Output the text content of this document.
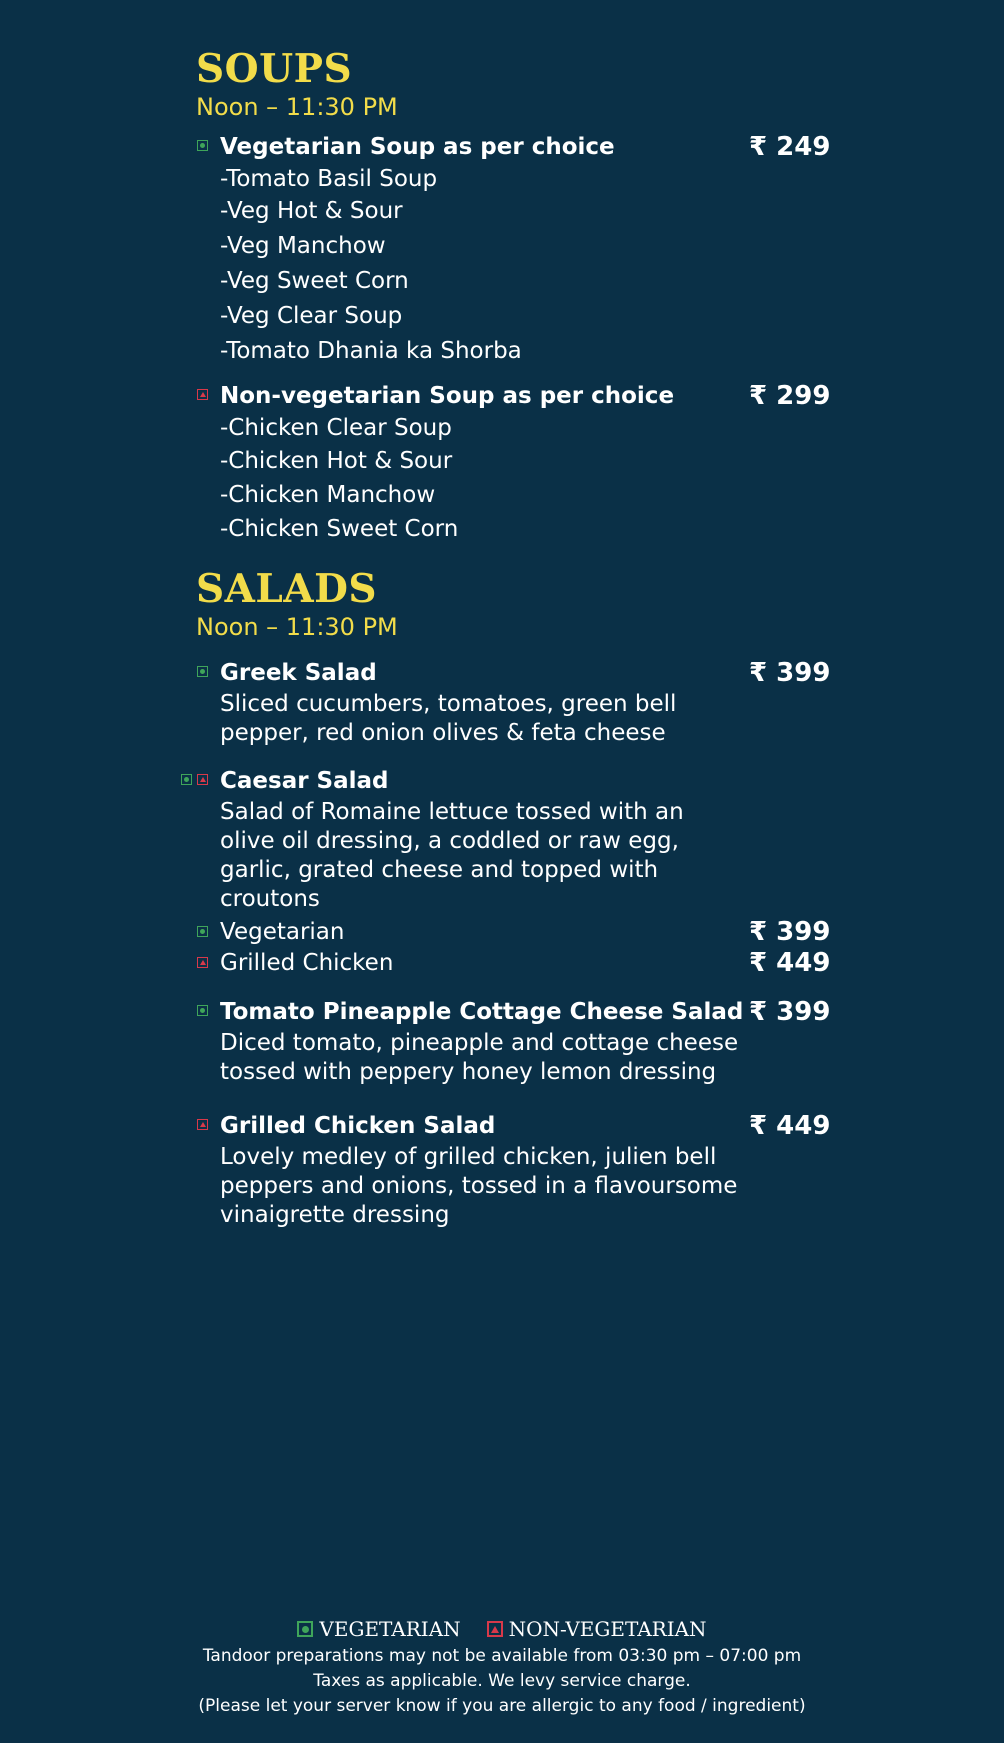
SOUPS
Noon – 11:30 PM
Vegetarian Soup as per choice	₹ 249
-Tomato Basil Soup
-Veg Hot & Sour
-Veg Manchow
-Veg Sweet Corn
-Veg Clear Soup
-Tomato Dhania ka Shorba
Non-vegetarian Soup as per choice	₹ 299
-Chicken Clear Soup
-Chicken Hot & Sour
-Chicken Manchow
-Chicken Sweet Corn
SALADS
Noon – 11:30 PM
Greek Salad	₹ 399
Sliced cucumbers, tomatoes, green bell pepper, red onion olives & feta cheese
Caesar Salad
Salad of Romaine lettuce tossed with an olive oil dressing, a coddled or raw egg, garlic, grated cheese and topped with croutons
Vegetarian	₹ 399
Grilled Chicken	₹ 449
Tomato Pineapple Cottage Cheese Salad ₹ 399
Diced tomato, pineapple and cottage cheese tossed with peppery honey lemon dressing
Grilled Chicken Salad	₹ 449
Lovely medley of grilled chicken, julien bell peppers and onions, tossed in a flavoursome vinaigrette dressing
VEGETARIAN NON-VEGETARIAN
Tandoor preparations may not be available from 03:30 pm – 07:00 pm
Taxes as applicable. We levy service charge.
(Please let your server know if you are allergic to any food / ingredient)
